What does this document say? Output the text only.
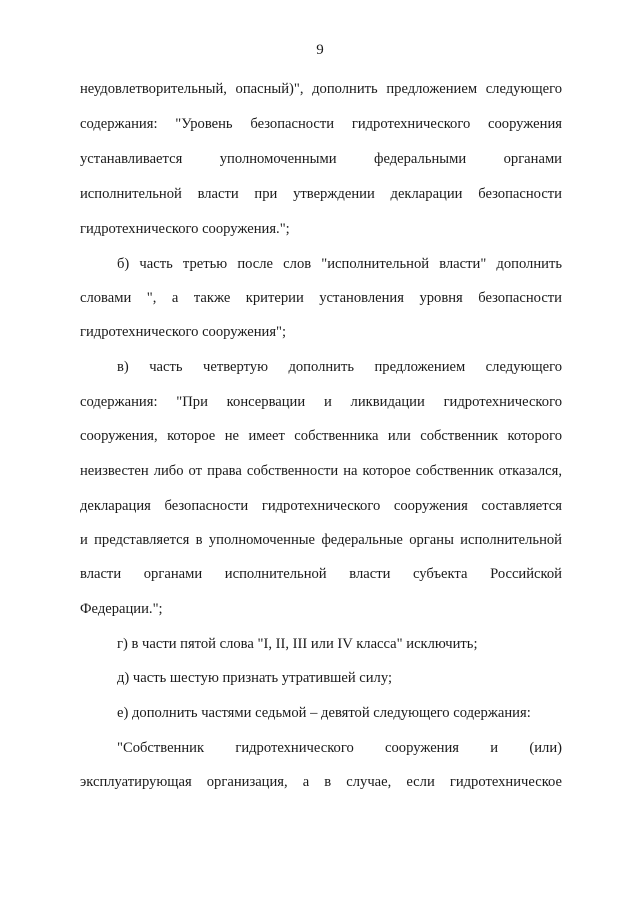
9
неудовлетворительный, опасный)", дополнить предложением следующего
содержания: "Уровень безопасности гидротехнического сооружения
устанавливается уполномоченными федеральными органами
исполнительной власти при утверждении декларации безопасности
гидротехнического сооружения.";
б) часть третью после слов "исполнительной власти" дополнить
словами ", а также критерии установления уровня безопасности
гидротехнического сооружения";
в) часть четвертую дополнить предложением следующего
содержания: "При консервации и ликвидации гидротехнического
сооружения, которое не имеет собственника или собственник которого
неизвестен либо от права собственности на которое собственник отказался,
декларация безопасности гидротехнического сооружения составляется
и представляется в уполномоченные федеральные органы исполнительной
власти органами исполнительной власти субъекта Российской
Федерации.";
г) в части пятой слова "I, II, III или IV класса" исключить;
д) часть шестую признать утратившей силу;
е) дополнить частями седьмой – девятой следующего содержания:
"Собственник гидротехнического сооружения и (или)
эксплуатирующая организация, а в случае, если гидротехническое
